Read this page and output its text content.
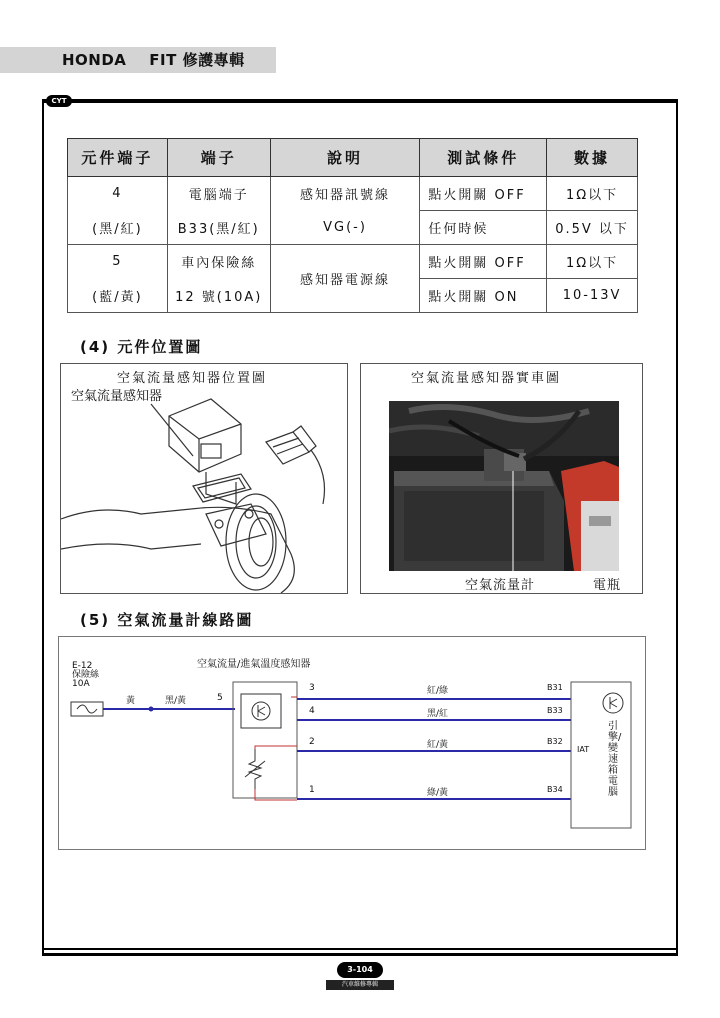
HONDA    FIT 修護專輯
CYT
元件端子	端子	說明	測試條件	數據
4	電腦端子	感知器訊號線	點火開關 OFF	1Ω以下
(黑/紅)	B33(黑/紅)	VG(-)	任何時候	0.5V 以下
5	車內保險絲	感知器電源線	點火開關 OFF	1Ω以下
(藍/黃)	12 號(10A)		點火開關 ON	10-13V
(4) 元件位置圖
空氣流量感知器位置圖
空氣流量感知器
空氣流量感知器實車圖
空氣流量計	電瓶
(5) 空氣流量計線路圖
空氣流量/進氣溫度感知器
E-12
保險絲
10A
黃	黑/黃	5
3	紅/綠	B31
4	黑/紅	B33
2	紅/黃	B32
1	綠/黃	B34
IAT
引擎/變速箱電腦
3-104
汽車維修專輯
